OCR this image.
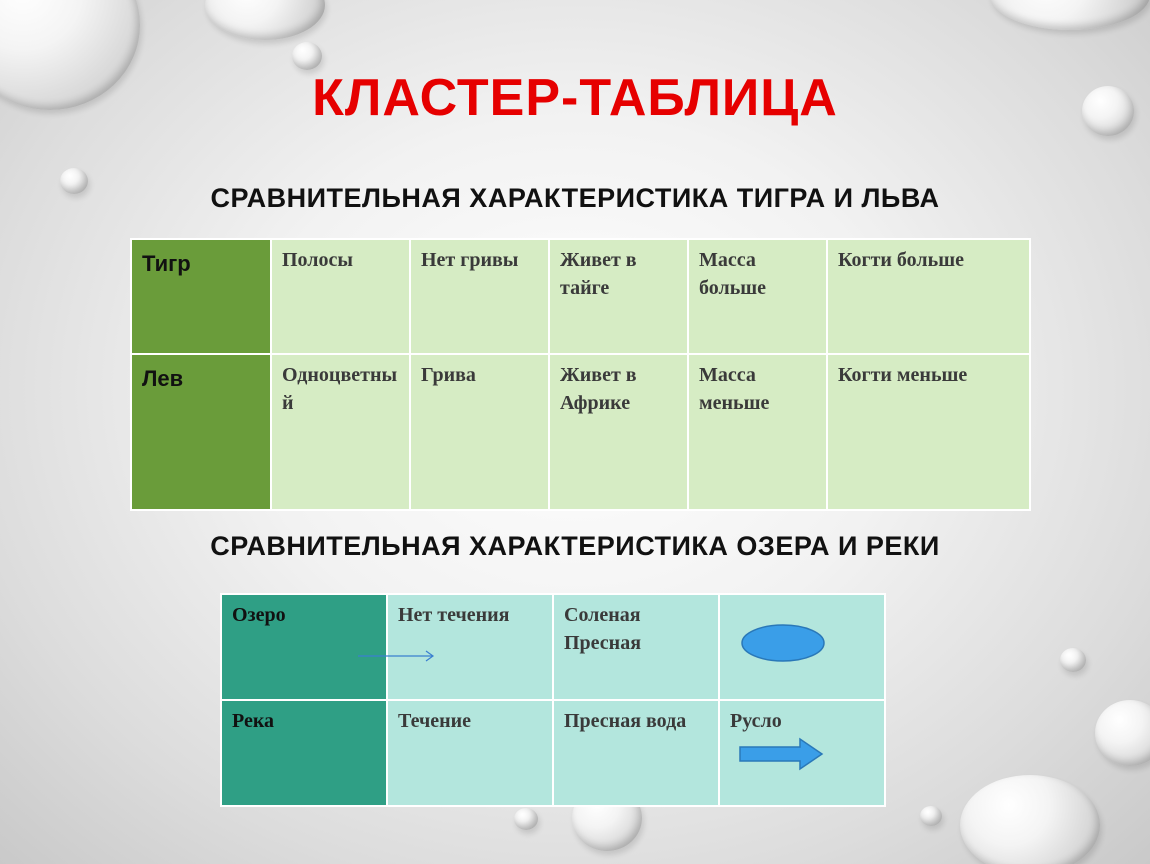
КЛАСТЕР-ТАБЛИЦА
СРАВНИТЕЛЬНАЯ ХАРАКТЕРИСТИКА ТИГРА И ЛЬВА
Тигр	Полосы	Нет гривы	Живет в тайге	Масса больше	Когти больше
Лев	Одноцветный	Грива	Живет в Африке	Масса меньше	Когти меньше
СРАВНИТЕЛЬНАЯ ХАРАКТЕРИСТИКА ОЗЕРА И РЕКИ
Озеро	Нет течения	Соленая Пресная	

Река	Течение	Пресная вода	Русло
